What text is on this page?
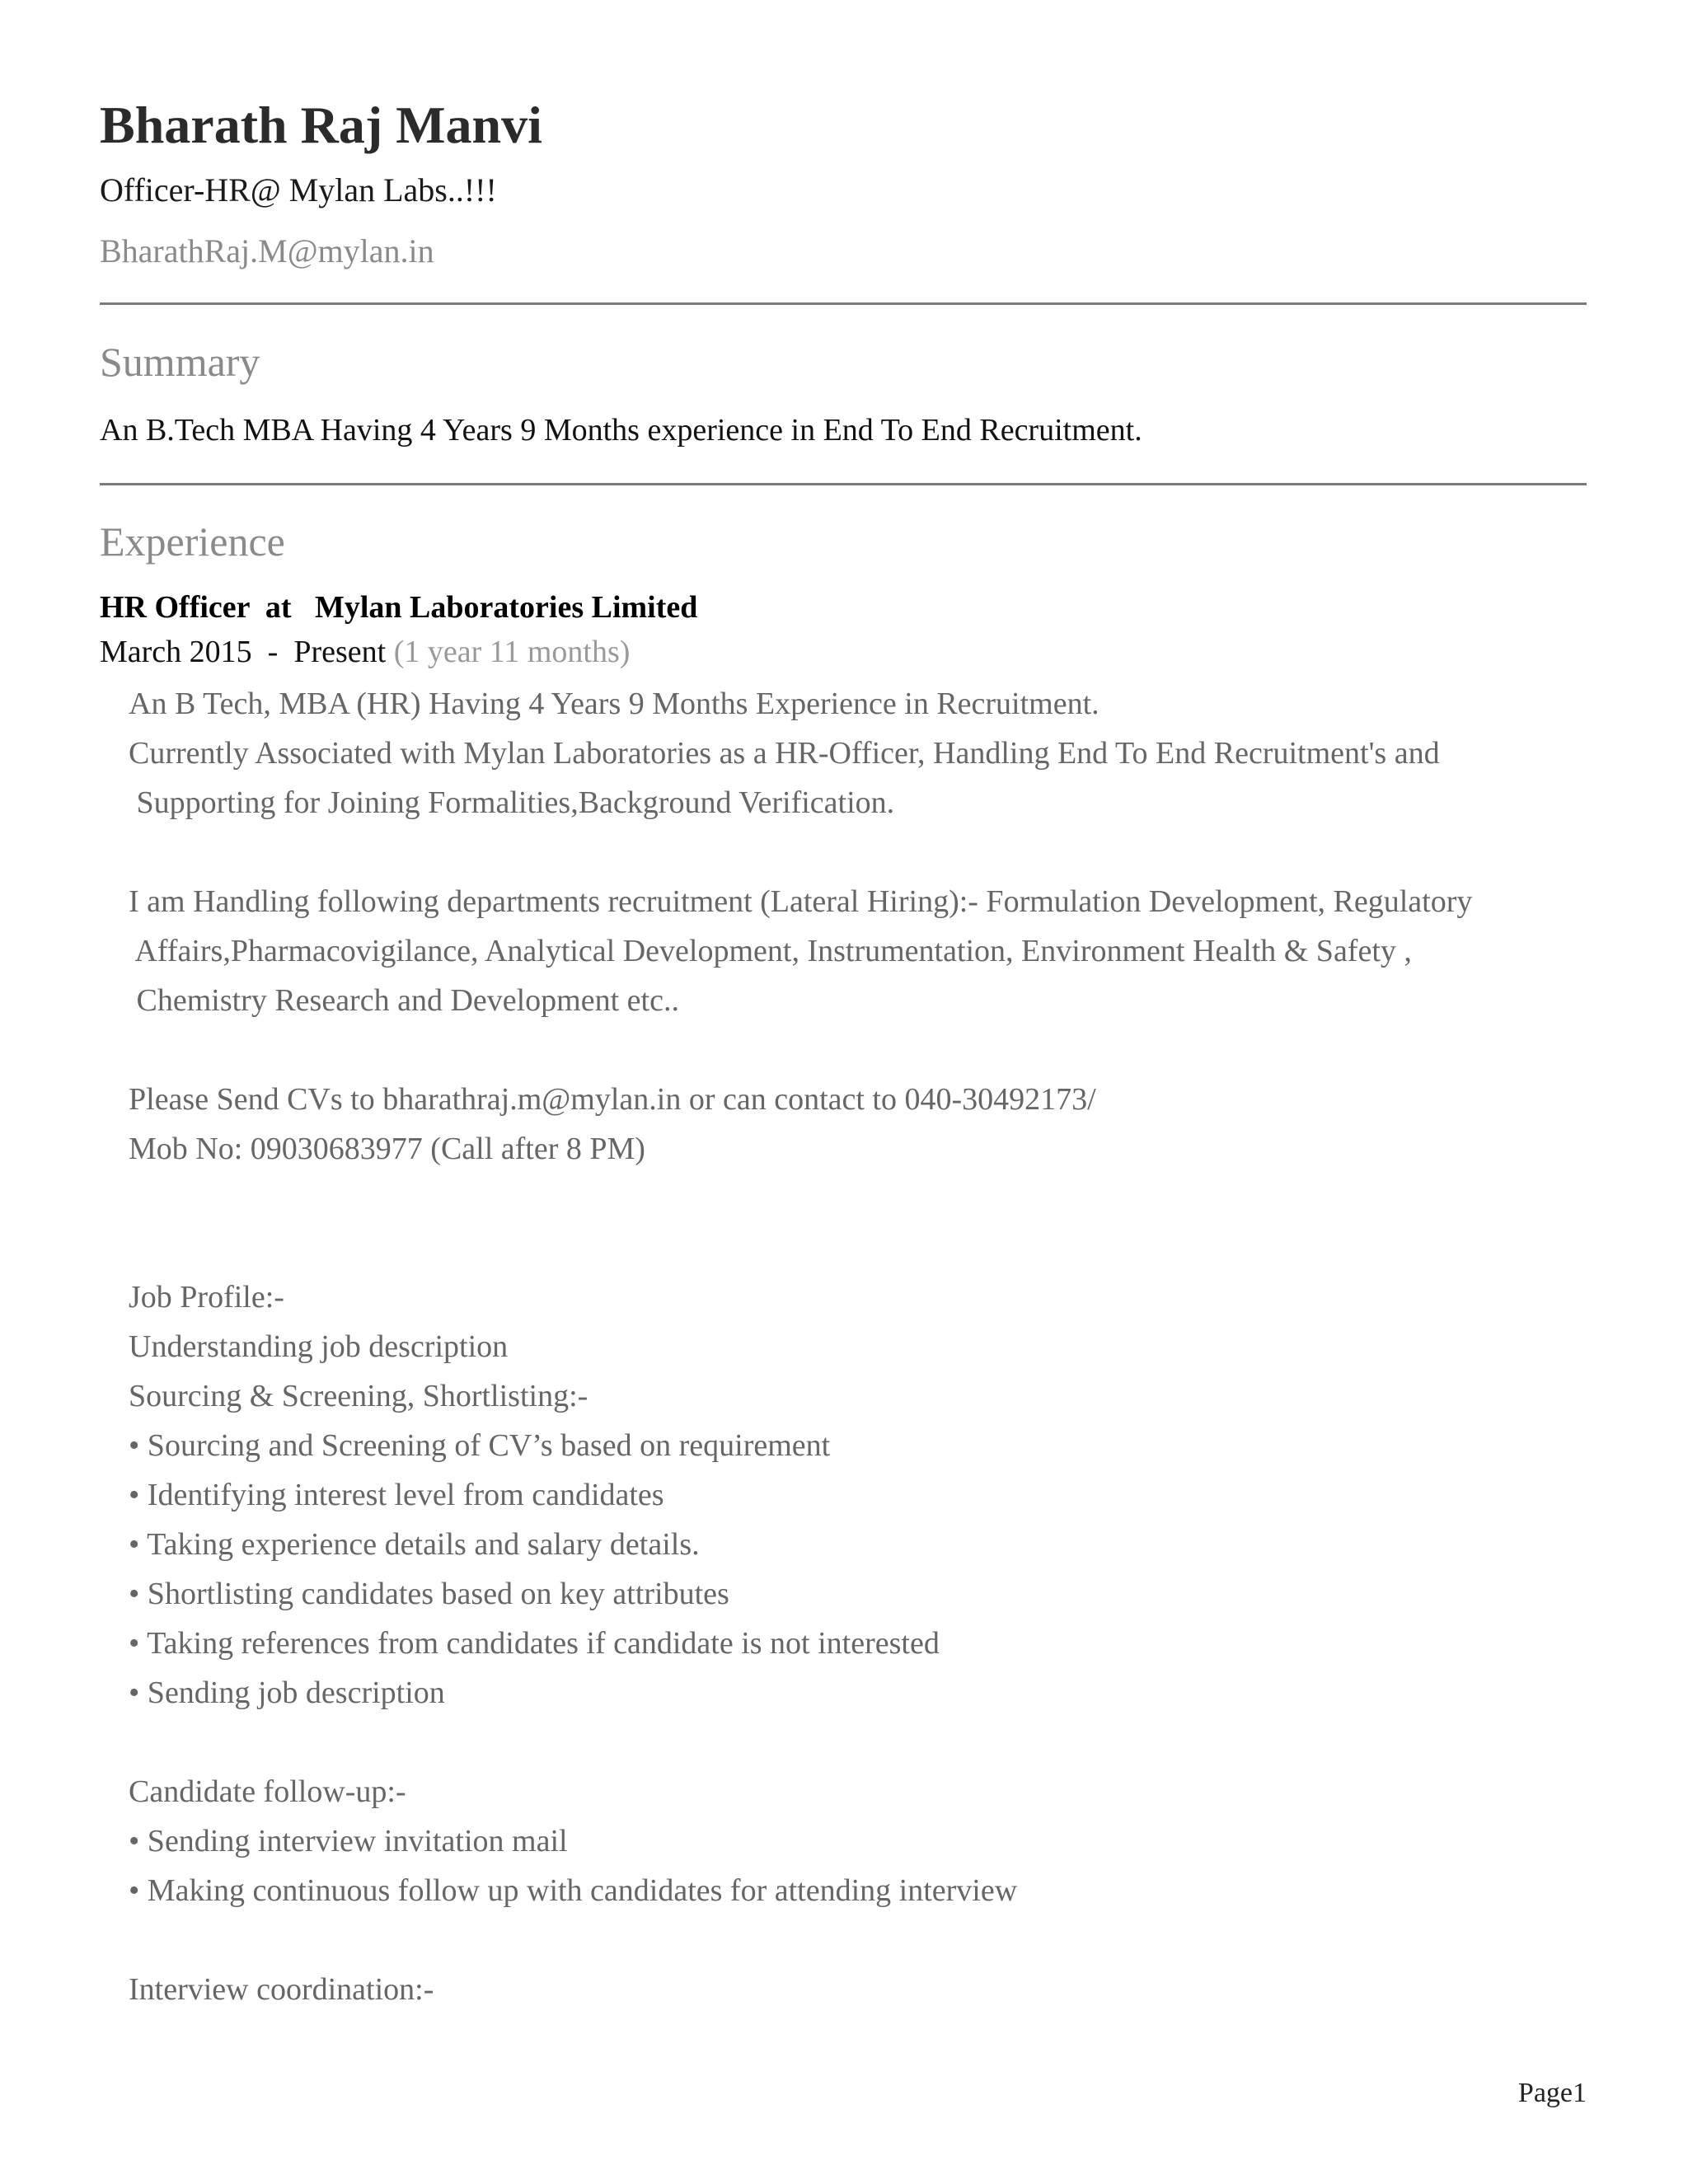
Bharath Raj Manvi
Officer-HR@ Mylan Labs..!!!
BharathRaj.M@mylan.in
Summary
An B.Tech MBA Having 4 Years 9 Months experience in End To End Recruitment.
Experience
HR Officer  at   Mylan Laboratories Limited
March 2015  -  Present (1 year 11 months)
An B Tech, MBA (HR) Having 4 Years 9 Months Experience in Recruitment.
Currently Associated with Mylan Laboratories as a HR-Officer, Handling End To End Recruitment's and
Supporting for Joining Formalities,Background Verification.
I am Handling following departments recruitment (Lateral Hiring):- Formulation Development, Regulatory
Affairs,Pharmacovigilance, Analytical Development, Instrumentation, Environment Health & Safety ,
Chemistry Research and Development etc..
Please Send CVs to bharathraj.m@mylan.in or can contact to 040-30492173/
Mob No: 09030683977 (Call after 8 PM)
Job Profile:-
Understanding job description
Sourcing & Screening, Shortlisting:-
• Sourcing and Screening of CV’s based on requirement
• Identifying interest level from candidates
• Taking experience details and salary details.
• Shortlisting candidates based on key attributes
• Taking references from candidates if candidate is not interested
• Sending job description
Candidate follow-up:-
• Sending interview invitation mail
• Making continuous follow up with candidates for attending interview
Interview coordination:-
Page1
